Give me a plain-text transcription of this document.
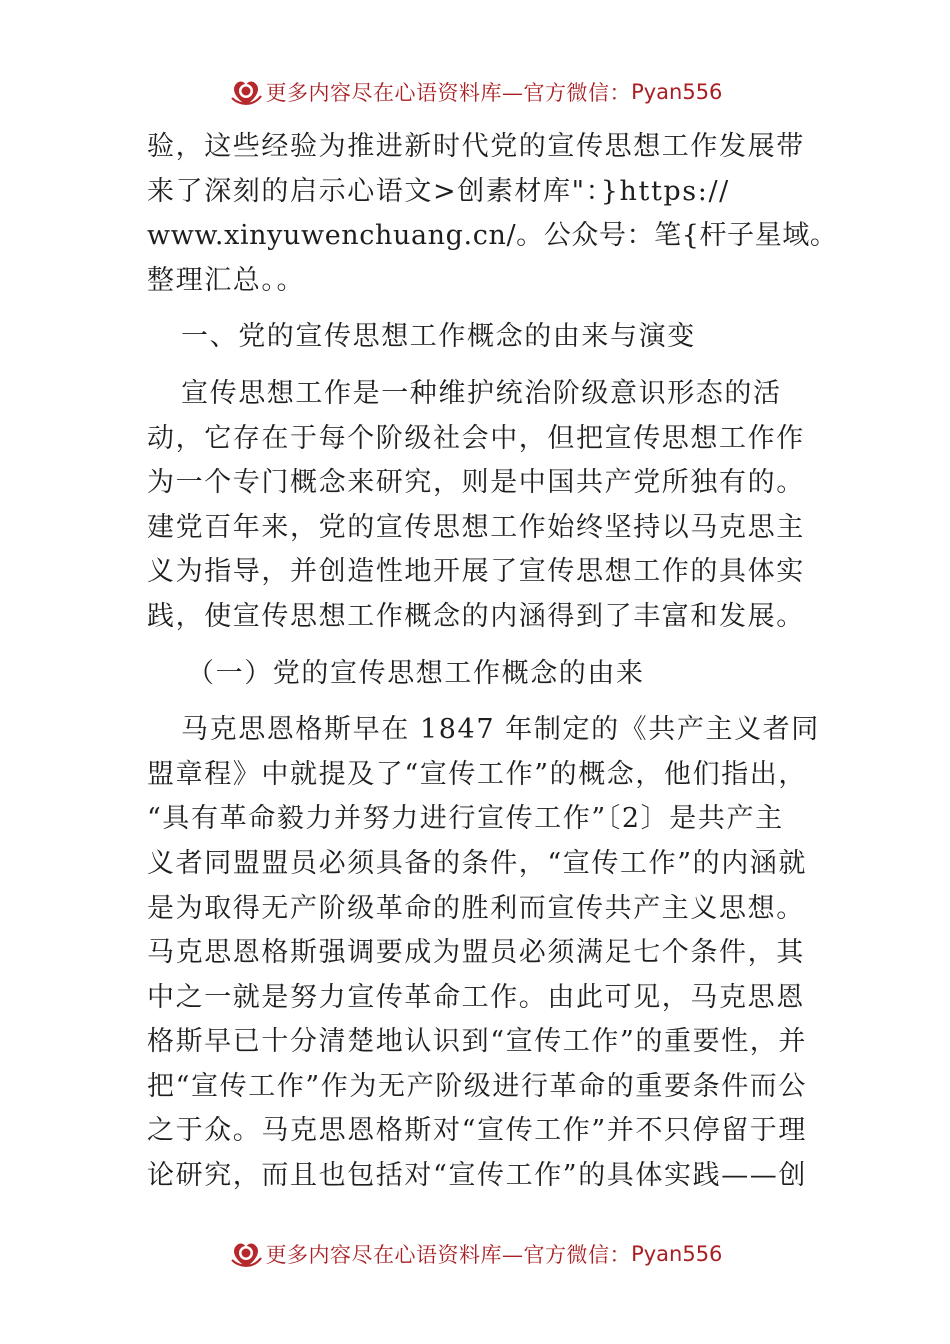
更多内容尽在心语资料库—官方微信： Pyan556
验，这些经验为推进新时代党的宣传思想工作发展带
来了深刻的启示心语文>创素材库"：}https://
www.xinyuwenchuang.cn/。公众号：笔{杆子星域。
整理汇总。。
一、党的宣传思想工作概念的由来与演变
宣传思想工作是一种维护统治阶级意识形态的活
动，它存在于每个阶级社会中，但把宣传思想工作作
为一个专门概念来研究，则是中国共产党所独有的。
建党百年来，党的宣传思想工作始终坚持以马克思主
义为指导，并创造性地开展了宣传思想工作的具体实
践，使宣传思想工作概念的内涵得到了丰富和发展。
（一）党的宣传思想工作概念的由来
马克思恩格斯早在 1847 年制定的《共产主义者同
盟章程》中就提及了“宣传工作”的概念，他们指出，
“具有革命毅力并努力进行宣传工作”〔2〕是共产主
义者同盟盟员必须具备的条件，“宣传工作”的内涵就
是为取得无产阶级革命的胜利而宣传共产主义思想。
马克思恩格斯强调要成为盟员必须满足七个条件，其
中之一就是努力宣传革命工作。由此可见，马克思恩
格斯早已十分清楚地认识到“宣传工作”的重要性，并
把“宣传工作”作为无产阶级进行革命的重要条件而公
之于众。马克思恩格斯对“宣传工作”并不只停留于理
论研究，而且也包括对“宣传工作”的具体实践——创
更多内容尽在心语资料库—官方微信： Pyan556
